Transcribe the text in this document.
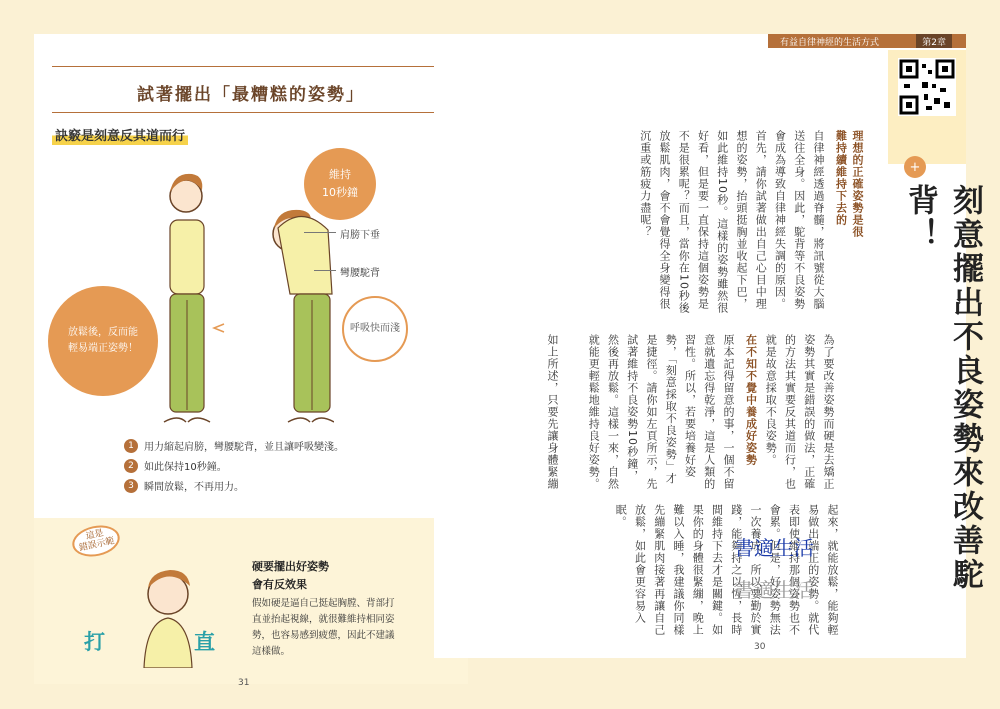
試著擺出「最糟糕的姿勢」
訣竅是刻意反其道而行
維持
10秒鐘
放鬆後，反而能
輕易端正姿勢！
呼吸快而淺
肩膀下垂
彎腰駝背
1	用力縮起肩膀，彎腰駝背，並且讓呼吸變淺。
2	如此保持10秒鐘。
3	瞬間放鬆，不再用力。
這是
錯誤示範
打	直
硬要擺出好姿勢
會有反效果
假如硬是逼自己挺起胸膛、背部打直並抬起視線，就很難維持相同姿勢，也容易感到疲憊，因此不建議這樣做。
31
有益自律神經的生活方式	第2章
+
刻意擺出不良姿勢來改善駝背！
理想的正確姿勢是很難持續維持下去的
自律神經透過脊髓，將訊號從大腦送往全身。因此，駝背等不良姿勢會成為導致自律神經失調的原因。首先，請你試著做出自己心目中理想的姿勢，抬頭挺胸並收起下巴，如此維持10秒。這樣的姿勢雖然很好看，但是要一直保持這個姿勢是不是很累呢？而且，當你在10秒後放鬆肌肉，會不會覺得全身變得很沉重或筋疲力盡呢？
為了要改善姿勢而硬是去矯正姿勢其實是錯誤的做法，正確的方法其實要反其道而行，也就是故意採取不良姿勢。
在不知不覺中養成好姿勢
原本記得留意的事，一個不留意就遺忘得乾淨，這是人類的習性。所以，若要培養好姿勢，「刻意採取不良姿勢」才是捷徑。請你如左頁所示，先試著維持不良姿勢10秒鐘，然後再放鬆。這樣一來，自然就能更輕鬆地維持良好姿勢。
起來，就能放鬆，能夠輕易做出端正的姿勢。就代表即使維持那個姿勢也不會累。但是，好姿勢無法一次養成，所以要勤於實踐，能夠持之以恆，長時間維持下去才是關鍵。如果你的身體很緊繃，晚上難以入睡，我建議你同樣先繃緊肌肉接著再讓自己放鬆，如此會更容易入眠。
如上所述，只要先讓身體緊繃
書適生活
書適生活
30
